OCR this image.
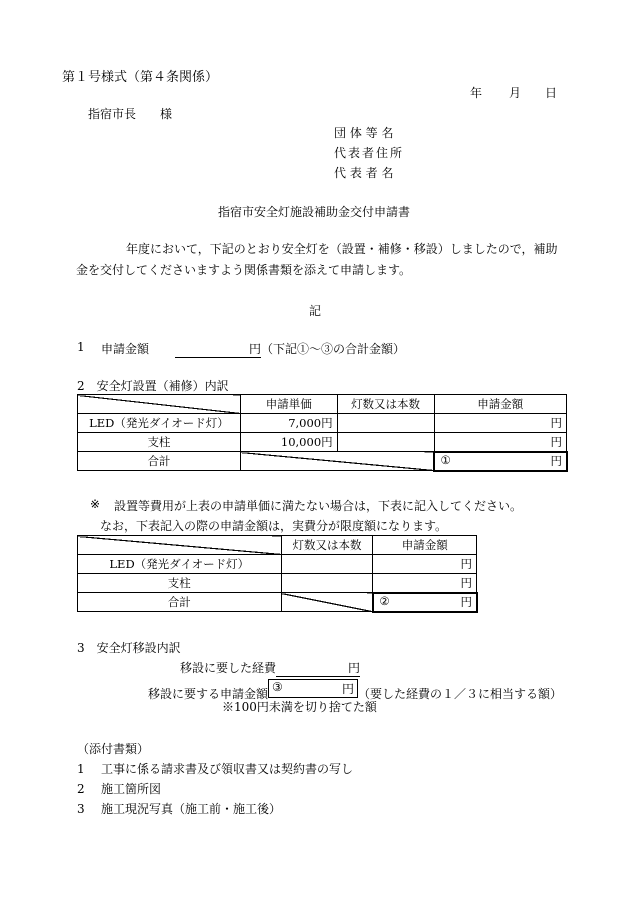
第１号様式（第４条関係）
年 月 日
指宿市長　　様
団 体 等 名
代表者住所
代 表 者 名
指宿市安全灯施設補助金交付申請書
年度において，下記のとおり安全灯を（設置・補修・移設）しましたので，補助
金を交付してくださいますよう関係書類を添えて申請します。
記
1 申請金額	円（下記①～③の合計金額）
2　安全灯設置（補修）内訳
	申請単価	灯数又は本数	申請金額
LED（発光ダイオード灯）	7,000円		円
支柱	10,000円		円
合計			① 円
※ 設置等費用が上表の申請単価に満たない場合は，下表に記入してください。
なお，下表記入の際の申請金額は，実費分が限度額になります。
	灯数又は本数	申請金額
LED（発光ダイオード灯）		円
支柱		円
合計		② 円
3　安全灯移設内訳
移設に要した経費	円
移設に要する申請金額 ③	円 （要した経費の１／３に相当する額）
※100円未満を切り捨てた額
（添付書類）
1 工事に係る請求書及び領収書又は契約書の写し
2 施工箇所図
3 施工現況写真（施工前・施工後）
